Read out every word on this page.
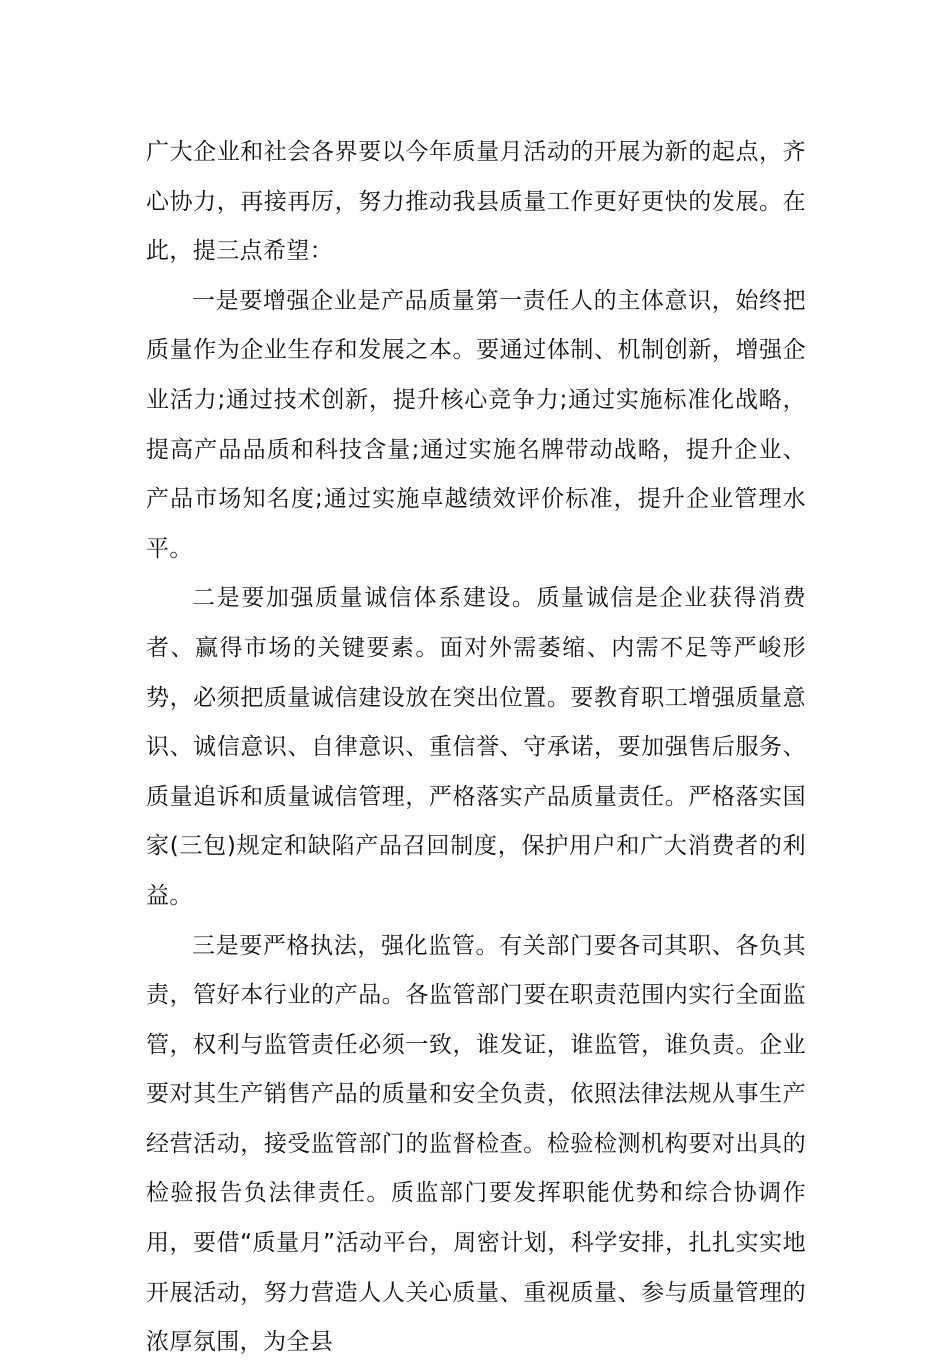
广大企业和社会各界要以今年质量月活动的开展为新的起点，齐心协力，再接再厉，努力推动我县质量工作更好更快的发展。在此，提三点希望：

一是要增强企业是产品质量第一责任人的主体意识，始终把质量作为企业生存和发展之本。要通过体制、机制创新，增强企业活力;通过技术创新，提升核心竞争力;通过实施标准化战略，提高产品品质和科技含量;通过实施名牌带动战略，提升企业、产品市场知名度;通过实施卓越绩效评价标准，提升企业管理水平。

二是要加强质量诚信体系建设。质量诚信是企业获得消费者、赢得市场的关键要素。面对外需萎缩、内需不足等严峻形势，必须把质量诚信建设放在突出位置。要教育职工增强质量意识、诚信意识、自律意识、重信誉、守承诺，要加强售后服务、质量追诉和质量诚信管理，严格落实产品质量责任。严格落实国家(三包)规定和缺陷产品召回制度，保护用户和广大消费者的利益。

三是要严格执法，强化监管。有关部门要各司其职、各负其责，管好本行业的产品。各监管部门要在职责范围内实行全面监管，权利与监管责任必须一致，谁发证，谁监管，谁负责。企业要对其生产销售产品的质量和安全负责，依照法律法规从事生产经营活动，接受监管部门的监督检查。检验检测机构要对出具的检验报告负法律责任。质监部门要发挥职能优势和综合协调作用，要借“质量月”活动平台，周密计划，科学安排，扎扎实实地开展活动，努力营造人人关心质量、重视质量、参与质量管理的浓厚氛围，为全县
